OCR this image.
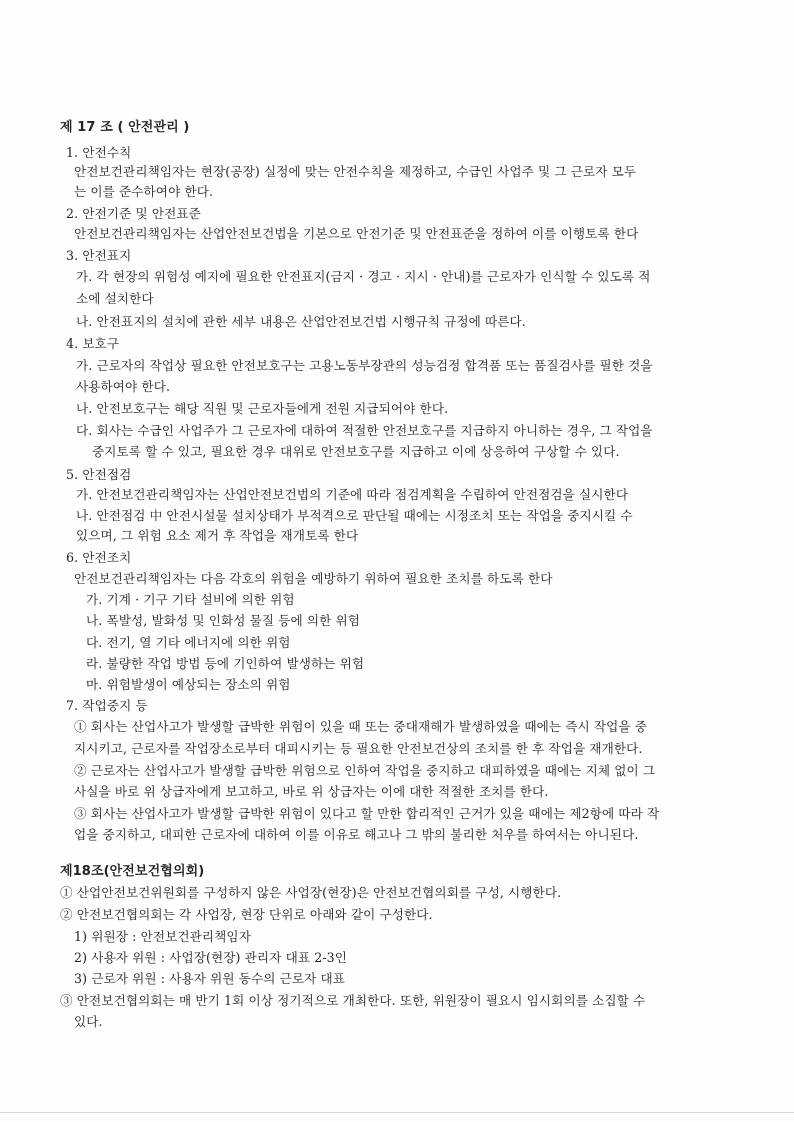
제 17 조 ( 안전관리 )
1. 안전수칙
안전보건관리책임자는 현장(공장) 실정에 맞는 안전수칙을 제정하고, 수급인 사업주 및 그 근로자 모두
는 이를 준수하여야 한다.
2. 안전기준 및 안전표준
안전보건관리책임자는 산업안전보건법을 기본으로 안전기준 및 안전표준을 정하여 이를 이행토록 한다
3. 안전표지
가. 각 현장의 위험성 예지에 필요한 안전표지(금지 · 경고 · 지시 · 안내)를 근로자가 인식할 수 있도록 적
소에 설치한다
나. 안전표지의 설치에 관한 세부 내용은 산업안전보건법 시행규칙 규정에 따른다.
4. 보호구
가. 근로자의 작업상 필요한 안전보호구는 고용노동부장관의 성능검정 합격품 또는 품질검사를 필한 것을
사용하여야 한다.
나. 안전보호구는 해당 직원 및 근로자들에게 전원 지급되어야 한다.
다. 회사는 수급인 사업주가 그 근로자에 대하여 적절한 안전보호구를 지급하지 아니하는 경우, 그 작업을
중지토록 할 수 있고, 필요한 경우 대위로 안전보호구를 지급하고 이에 상응하여 구상할 수 있다.
5. 안전점검
가. 안전보건관리책임자는 산업안전보건법의 기준에 따라 점검계획을 수립하여 안전점검을 실시한다
나. 안전점검 中 안전시설물 설치상태가 부적격으로 판단될 때에는 시정조치 또는 작업을 중지시킬 수
있으며, 그 위험 요소 제거 후 작업을 재개토록 한다
6. 안전조치
안전보건관리책임자는 다음 각호의 위험을 예방하기 위하여 필요한 조치를 하도록 한다
가. 기계 · 기구 기타 설비에 의한 위험
나. 폭발성, 발화성 및 인화성 물질 등에 의한 위험
다. 전기, 열 기타 에너지에 의한 위험
라. 불량한 작업 방법 등에 기인하여 발생하는 위험
마. 위험발생이 예상되는 장소의 위험
7. 작업중지 등
① 회사는 산업사고가 발생할 급박한 위험이 있을 때 또는 중대재해가 발생하였을 때에는 즉시 작업을 중
지시키고, 근로자를 작업장소로부터 대피시키는 등 필요한 안전보건상의 조치를 한 후 작업을 재개한다.
② 근로자는 산업사고가 발생할 급박한 위험으로 인하여 작업을 중지하고 대피하였을 때에는 지체 없이 그
사실을 바로 위 상급자에게 보고하고, 바로 위 상급자는 이에 대한 적절한 조치를 한다.
③ 회사는 산업사고가 발생할 급박한 위험이 있다고 할 만한 합리적인 근거가 있을 때에는 제2항에 따라 작
업을 중지하고, 대피한 근로자에 대하여 이를 이유로 해고나 그 밖의 불리한 처우를 하여서는 아니된다.
제18조(안전보건협의회)
① 산업안전보건위원회를 구성하지 않은 사업장(현장)은 안전보건협의회를 구성, 시행한다.
② 안전보건협의회는 각 사업장, 현장 단위로 아래와 같이 구성한다.
1) 위원장 : 안전보건관리책임자
2) 사용자 위원 : 사업장(현장) 관리자 대표 2-3인
3) 근로자 위원 : 사용자 위원 동수의 근로자 대표
③ 안전보건협의회는 매 반기 1회 이상 정기적으로 개최한다. 또한, 위원장이 필요시 임시회의를 소집할 수
있다.
